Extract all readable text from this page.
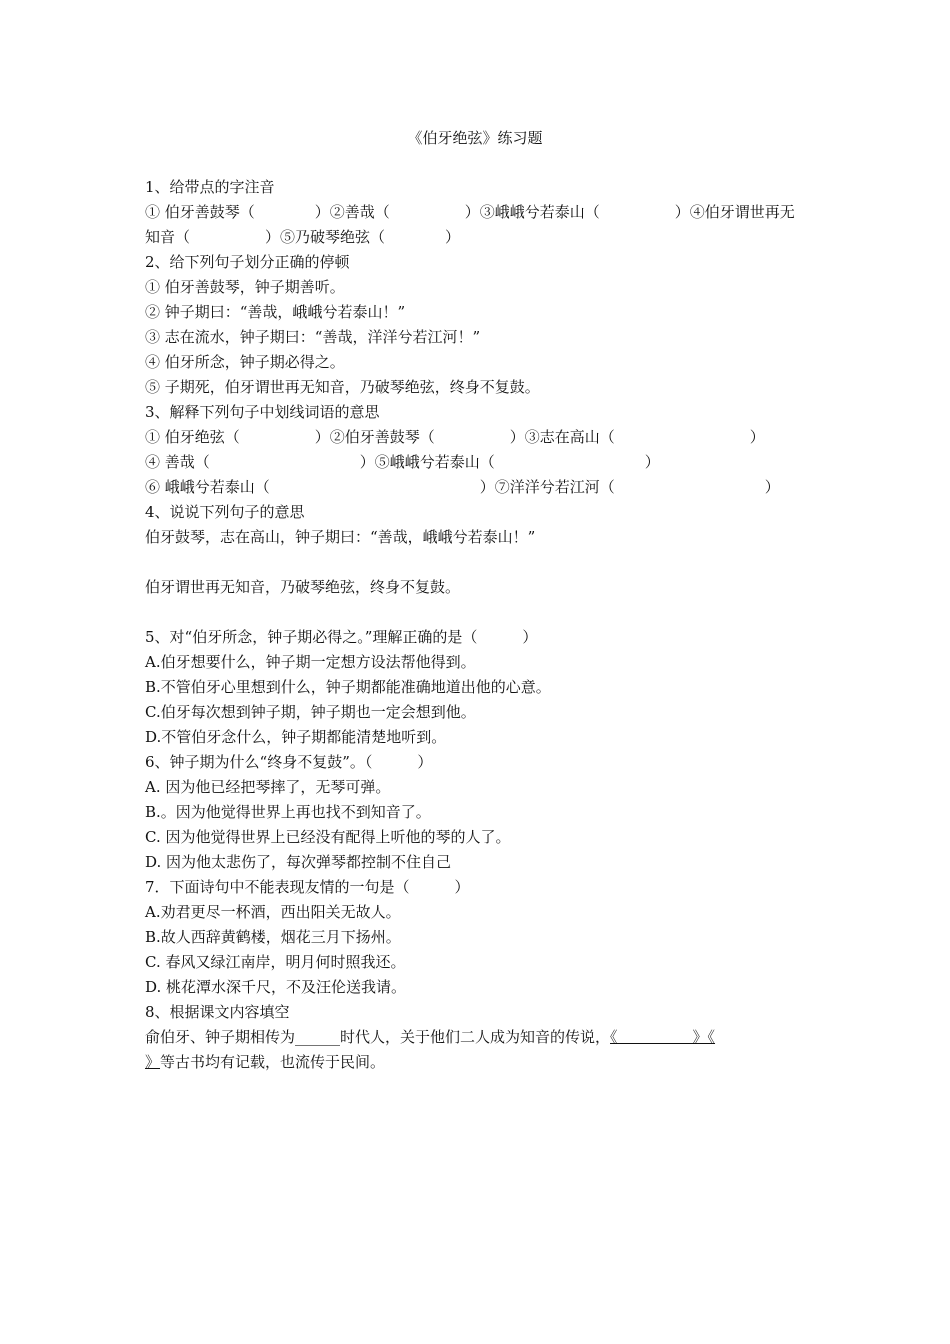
《伯牙绝弦》练习题
1、给带点的字注音
① 伯牙善鼓琴（　　　　）②善哉（　　　　　）③峨峨兮若泰山（　　　　　）④伯牙谓世再无
知音（　　　　　）⑤乃破琴绝弦（　　　　）
2、给下列句子划分正确的停顿
① 伯牙善鼓琴，钟子期善听。
② 钟子期曰：“善哉，峨峨兮若泰山！”
③ 志在流水，钟子期曰：“善哉，洋洋兮若江河！”
④ 伯牙所念，钟子期必得之。
⑤ 子期死，伯牙谓世再无知音，乃破琴绝弦，终身不复鼓。
3、解释下列句子中划线词语的意思
① 伯牙绝弦（　　　　　）②伯牙善鼓琴（　　　　　）③志在高山（　　　　　　　　　）
④ 善哉（　　　　　　　　　　）⑤峨峨兮若泰山（　　　　　　　　　　）
⑥ 峨峨兮若泰山（　　　　　　　　　　　　　　）⑦洋洋兮若江河（　　　　　　　　　　）
4、说说下列句子的意思
伯牙鼓琴，志在高山，钟子期曰：“善哉，峨峨兮若泰山！”
伯牙谓世再无知音，乃破琴绝弦，终身不复鼓。
5、对“伯牙所念，钟子期必得之。”理解正确的是（　　　）
A.伯牙想要什么，钟子期一定想方设法帮他得到。
B.不管伯牙心里想到什么，钟子期都能准确地道出他的心意。
C.伯牙每次想到钟子期，钟子期也一定会想到他。
D.不管伯牙念什么，钟子期都能清楚地听到。
6、钟子期为什么“终身不复鼓”。（　　　）
A. 因为他已经把琴摔了，无琴可弹。
B.。因为他觉得世界上再也找不到知音了。
C. 因为他觉得世界上已经没有配得上听他的琴的人了。
D. 因为他太悲伤了，每次弹琴都控制不住自己
7．下面诗句中不能表现友情的一句是（　　　）
A.劝君更尽一杯酒，西出阳关无故人。
B.故人西辞黄鹤楼，烟花三月下扬州。
C. 春风又绿江南岸，明月何时照我还。
D. 桃花潭水深千尺，不及汪伦送我请。
8、根据课文内容填空
俞伯牙、钟子期相传为______时代人，关于他们二人成为知音的传说，《　　　　　》《
》等古书均有记载，也流传于民间。
